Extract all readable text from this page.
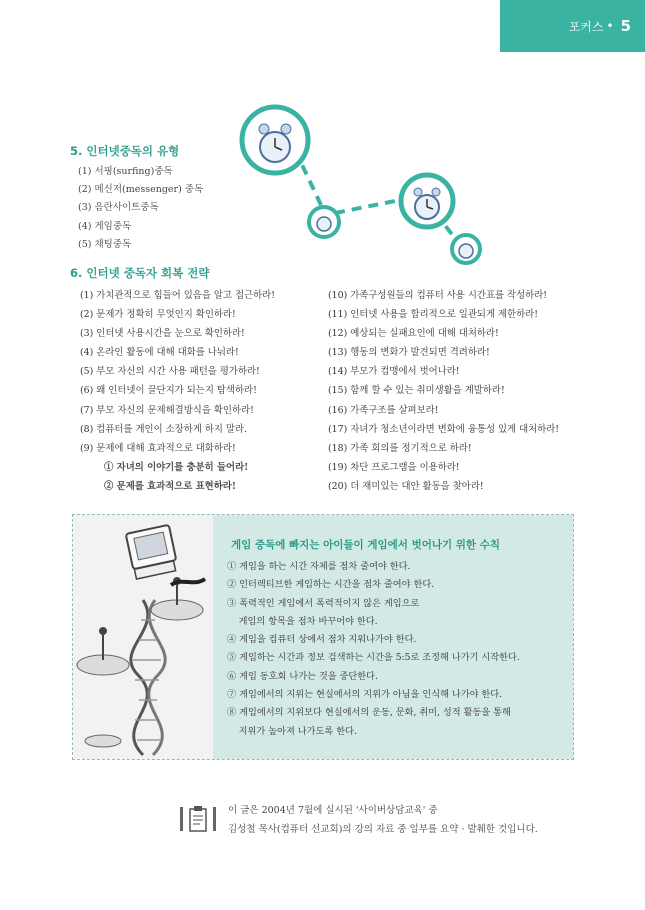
포커스 • 5
5. 인터넷중독의 유형
(1) 서핑(surfing)중독
(2) 메신저(messenger) 중독
(3) 음란사이트중독
(4) 게임중독
(5) 채팅중독
6. 인터넷 중독자 회복 전략
(1) 가치관적으로 힘들어 있음을 알고 접근하라!
(2) 문제가 정확히 무엇인지 확인하라!
(3) 인터넷 사용시간을 눈으로 확인하라!
(4) 온라인 활동에 대해 대화를 나눠라!
(5) 부모 자신의 시간 사용 패턴을 평가하라!
(6) 왜 인터넷이 끌단지가 되는지 탐색하라!
(7) 부모 자신의 문제해결방식을 확인하라!
(8) 컴퓨터를 게인이 소장하게 하지 말라.
(9) 문제에 대해 효과적으로 대화하라!
① 자녀의 이야기를 충분히 들어라!
② 문제를 효과적으로 표현하라!
(10) 가족구성원들의 컴퓨터 사용 시간표를 작성하라!
(11) 인터넷 사용을 합리적으로 일관되게 제한하라!
(12) 예상되는 실패요인에 대해 대처하라!
(13) 행동의 변화가 발견되면 격려하라!
(14) 부모가 컴맹에서 벗어나라!
(15) 함께 할 수 있는 취미생활을 계발하라!
(16) 가족구조를 살펴보라!
(17) 자녀가 청소년이라면 변화에 융통성 있게 대처하라!
(18) 가족 회의를 정기적으로 하라!
(19) 차단 프로그램을 이용하라!
(20) 더 재미있는 대안 활동을 찾아라!
게임 중독에 빠지는 아이들이 게임에서 벗어나기 위한 수칙
① 게임을 하는 시간 자체를 점차 줄여야 한다.
② 인터렉티브한 게임하는 시간을 점차 줄여야 한다.
③ 폭력적인 게임에서 폭력적이지 않은 게임으로
게임의 항목을 점차 바꾸어야 한다.
④ 게임을 컴퓨터 상에서 점차 지워나가야 한다.
⑤ 게임하는 시간과 정보 검색하는 시간을 5:5로 조정해 나가기 시작한다.
⑥ 게임 동호회 나가는 것을 중단한다.
⑦ 게임에서의 지위는 현실에서의 지위가 아님을 인식해 나가야 한다.
⑧ 게임에서의 지위보다 현실에서의 운동, 문화, 취미, 성적 활동을 통해
지위가 높아져 나가도록 한다.
이 글은 2004년 7월에 실시된 '사이버상담교육' 중
김성철 목사(컴퓨터 선교회)의 강의 자료 중 일부를 요약 · 발췌한 것입니다.
